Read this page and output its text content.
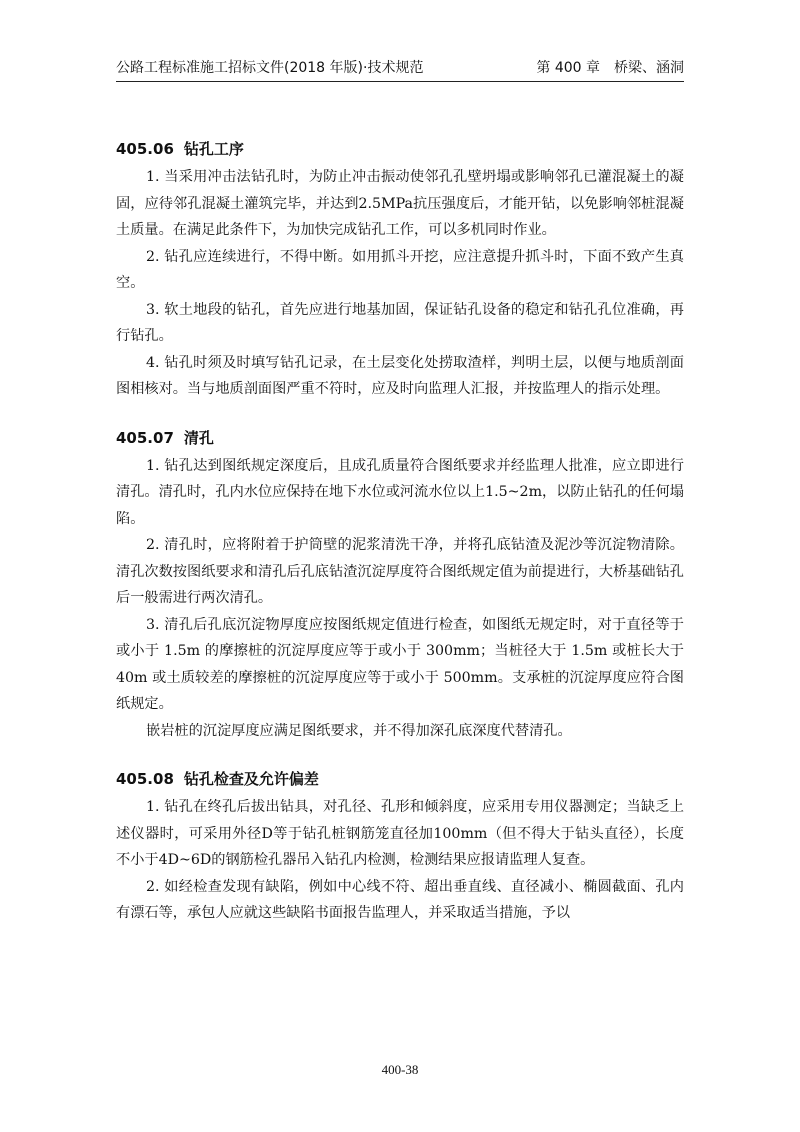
公路工程标准施工招标文件(2018 年版)·技术规范	第 400 章　桥梁、涵洞
405.06 钻孔工序

1. 当采用冲击法钻孔时，为防止冲击振动使邻孔孔壁坍塌或影响邻孔已灌混凝土的凝固，应待邻孔混凝土灌筑完毕，并达到2.5MPa抗压强度后，才能开钻，以免影响邻桩混凝土质量。在满足此条件下，为加快完成钻孔工作，可以多机同时作业。

2. 钻孔应连续进行，不得中断。如用抓斗开挖，应注意提升抓斗时，下面不致产生真空。

3. 软土地段的钻孔，首先应进行地基加固，保证钻孔设备的稳定和钻孔孔位准确，再行钻孔。

4. 钻孔时须及时填写钻孔记录，在土层变化处捞取渣样，判明土层，以便与地质剖面图相核对。当与地质剖面图严重不符时，应及时向监理人汇报，并按监理人的指示处理。

405.07 清孔

1. 钻孔达到图纸规定深度后，且成孔质量符合图纸要求并经监理人批准，应立即进行清孔。清孔时，孔内水位应保持在地下水位或河流水位以上1.5~2m，以防止钻孔的任何塌陷。

2. 清孔时，应将附着于护筒壁的泥浆清洗干净，并将孔底钻渣及泥沙等沉淀物清除。清孔次数按图纸要求和清孔后孔底钻渣沉淀厚度符合图纸规定值为前提进行，大桥基础钻孔后一般需进行两次清孔。

3. 清孔后孔底沉淀物厚度应按图纸规定值进行检查，如图纸无规定时，对于直径等于或小于 1.5m 的摩擦桩的沉淀厚度应等于或小于 300mm；当桩径大于 1.5m 或桩长大于 40m 或土质较差的摩擦桩的沉淀厚度应等于或小于 500mm。支承桩的沉淀厚度应符合图纸规定。

嵌岩桩的沉淀厚度应满足图纸要求，并不得加深孔底深度代替清孔。

405.08 钻孔检查及允许偏差

1. 钻孔在终孔后拔出钻具，对孔径、孔形和倾斜度，应采用专用仪器测定；当缺乏上述仪器时，可采用外径D等于钻孔桩钢筋笼直径加100mm（但不得大于钻头直径），长度不小于4D~6D的钢筋检孔器吊入钻孔内检测，检测结果应报请监理人复查。

2. 如经检查发现有缺陷，例如中心线不符、超出垂直线、直径减小、椭圆截面、孔内有漂石等，承包人应就这些缺陷书面报告监理人，并采取适当措施，予以

400-38
